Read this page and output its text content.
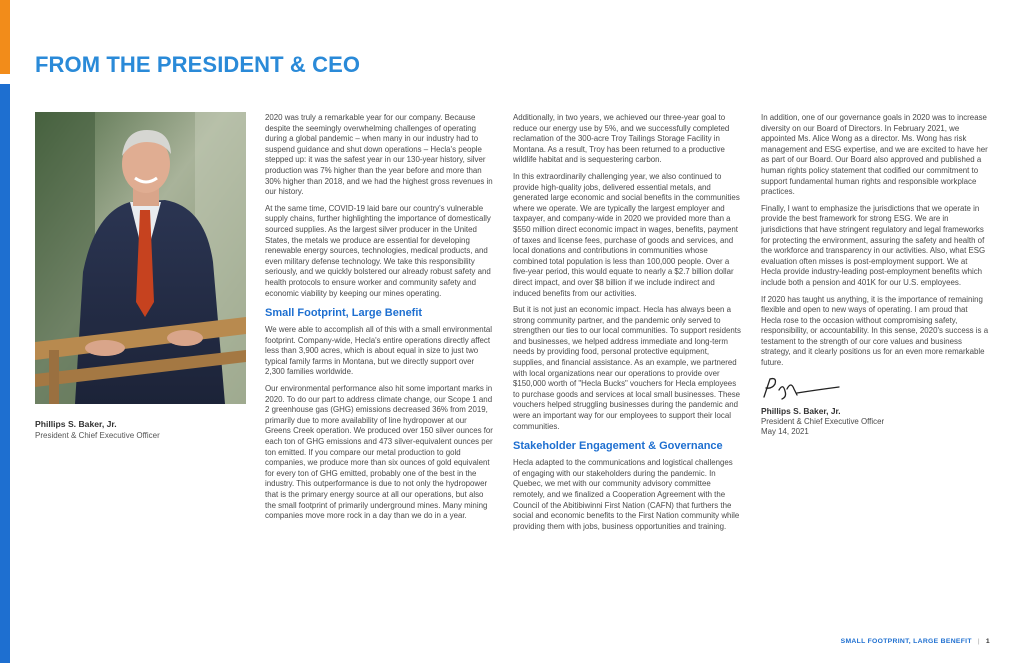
FROM THE PRESIDENT & CEO
Phillips S. Baker, Jr.
President & Chief Executive Officer

2020 was truly a remarkable year for our company. Because despite the seemingly overwhelming challenges of operating during a global pandemic – when many in our industry had to suspend guidance and shut down operations – Hecla's people stepped up: it was the safest year in our 130-year history, silver production was 7% higher than the year before and more than 30% higher than 2018, and we had the highest gross revenues in our history.

At the same time, COVID-19 laid bare our country's vulnerable supply chains, further highlighting the importance of domestically sourced supplies. As the largest silver producer in the United States, the metals we produce are essential for developing renewable energy sources, technologies, medical products, and even military defense technology. We take this responsibility seriously, and we quickly bolstered our already robust safety and health protocols to ensure worker and community safety and economic viability by keeping our mines operating.

Small Footprint, Large Benefit

We were able to accomplish all of this with a small environmental footprint. Company-wide, Hecla's entire operations directly affect less than 3,900 acres, which is about equal in size to just two typical family farms in Montana, but we directly support over 2,300 families worldwide.

Our environmental performance also hit some important marks in 2020. To do our part to address climate change, our Scope 1 and 2 greenhouse gas (GHG) emissions decreased 36% from 2019, primarily due to more availability of line hydropower at our Greens Creek operation. We produced over 150 silver ounces for each ton of GHG emissions and 473 silver-equivalent ounces per ton emitted. If you compare our metal production to gold companies, we produce more than six ounces of gold equivalent for every ton of GHG emitted, probably one of the best in the industry. This outperformance is due to not only the hydropower that is the primary energy source at all our operations, but also the small footprint of primarily underground mines. Many mining companies move more rock in a day than we do in a year.

Additionally, in two years, we achieved our three-year goal to reduce our energy use by 5%, and we successfully completed reclamation of the 300-acre Troy Tailings Storage Facility in Montana. As a result, Troy has been returned to a productive wildlife habitat and is sequestering carbon.

In this extraordinarily challenging year, we also continued to provide high-quality jobs, delivered essential metals, and generated large economic and social benefits in the communities where we operate. We are typically the largest employer and taxpayer, and company-wide in 2020 we provided more than a $550 million direct economic impact in wages, benefits, payment of taxes and license fees, purchase of goods and services, and local donations and contributions in communities whose combined total population is less than 100,000 people. Over a five-year period, this would equate to nearly a $2.7 billion dollar direct impact, and over $8 billion if we include indirect and induced benefits from our activities.

But it is not just an economic impact. Hecla has always been a strong community partner, and the pandemic only served to strengthen our ties to our local communities. To support residents and businesses, we helped address immediate and long-term needs by providing food, personal protective equipment, supplies, and financial assistance. As an example, we partnered with local organizations near our operations to provide over $150,000 worth of "Hecla Bucks" vouchers for Hecla employees to purchase goods and services at local small businesses. These vouchers helped struggling businesses during the pandemic and were an important way for our employees to support their local communities.

Stakeholder Engagement & Governance

Hecla adapted to the communications and logistical challenges of engaging with our stakeholders during the pandemic. In Quebec, we met with our community advisory committee remotely, and we finalized a Cooperation Agreement with the Council of the Abitibiwinni First Nation (CAFN) that furthers the social and economic benefits to the First Nation community while providing them with jobs, business opportunities and training.

In addition, one of our governance goals in 2020 was to increase diversity on our Board of Directors. In February 2021, we appointed Ms. Alice Wong as a director. Ms. Wong has risk management and ESG expertise, and we are excited to have her as part of our Board. Our Board also approved and published a human rights policy statement that codified our commitment to support fundamental human rights and responsible workplace practices.

Finally, I want to emphasize the jurisdictions that we operate in provide the best framework for strong ESG. We are in jurisdictions that have stringent regulatory and legal frameworks for protecting the environment, assuring the safety and health of the workforce and transparency in our activities. Also, what ESG evaluation often misses is post-employment support. We at Hecla provide industry-leading post-employment benefits which include both a pension and 401K for our U.S. employees.

If 2020 has taught us anything, it is the importance of remaining flexible and open to new ways of operating. I am proud that Hecla rose to the occasion without compromising safety, responsibility, or accountability. In this sense, 2020's success is a testament to the strength of our core values and business strategy, and it clearly positions us for an even more remarkable future.

Phillips S. Baker, Jr.
President & Chief Executive Officer
May 14, 2021
SMALL FOOTPRINT, LARGE BENEFIT | 1
